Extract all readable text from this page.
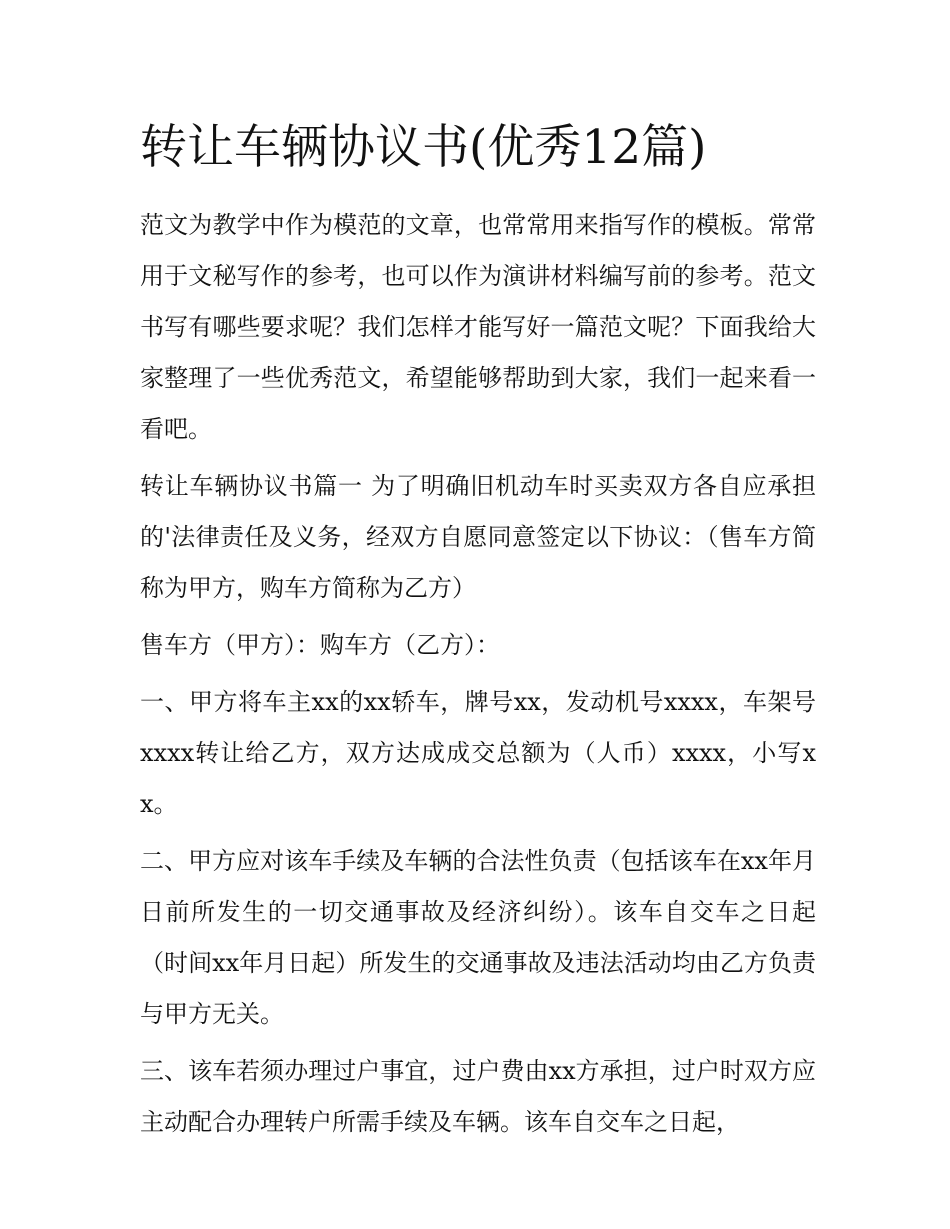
转让车辆协议书(优秀12篇)

范文为教学中作为模范的文章，也常常用来指写作的模板。常常用于文秘写作的参考，也可以作为演讲材料编写前的参考。范文书写有哪些要求呢？我们怎样才能写好一篇范文呢？下面我给大家整理了一些优秀范文，希望能够帮助到大家，我们一起来看一看吧。

转让车辆协议书篇一 为了明确旧机动车时买卖双方各自应承担的'法律责任及义务，经双方自愿同意签定以下协议：（售车方简称为甲方，购车方简称为乙方）

售车方（甲方）：购车方（乙方）：

一、甲方将车主xx的xx轿车，牌号xx，发动机号xxxx，车架号xxxx转让给乙方，双方达成成交总额为（人币）xxxx，小写xx。

二、甲方应对该车手续及车辆的合法性负责（包括该车在xx年月日前所发生的一切交通事故及经济纠纷）。该车自交车之日起（时间xx年月日起）所发生的交通事故及违法活动均由乙方负责与甲方无关。

三、该车若须办理过户事宜，过户费由xx方承担，过户时双方应主动配合办理转户所需手续及车辆。该车自交车之日起，
